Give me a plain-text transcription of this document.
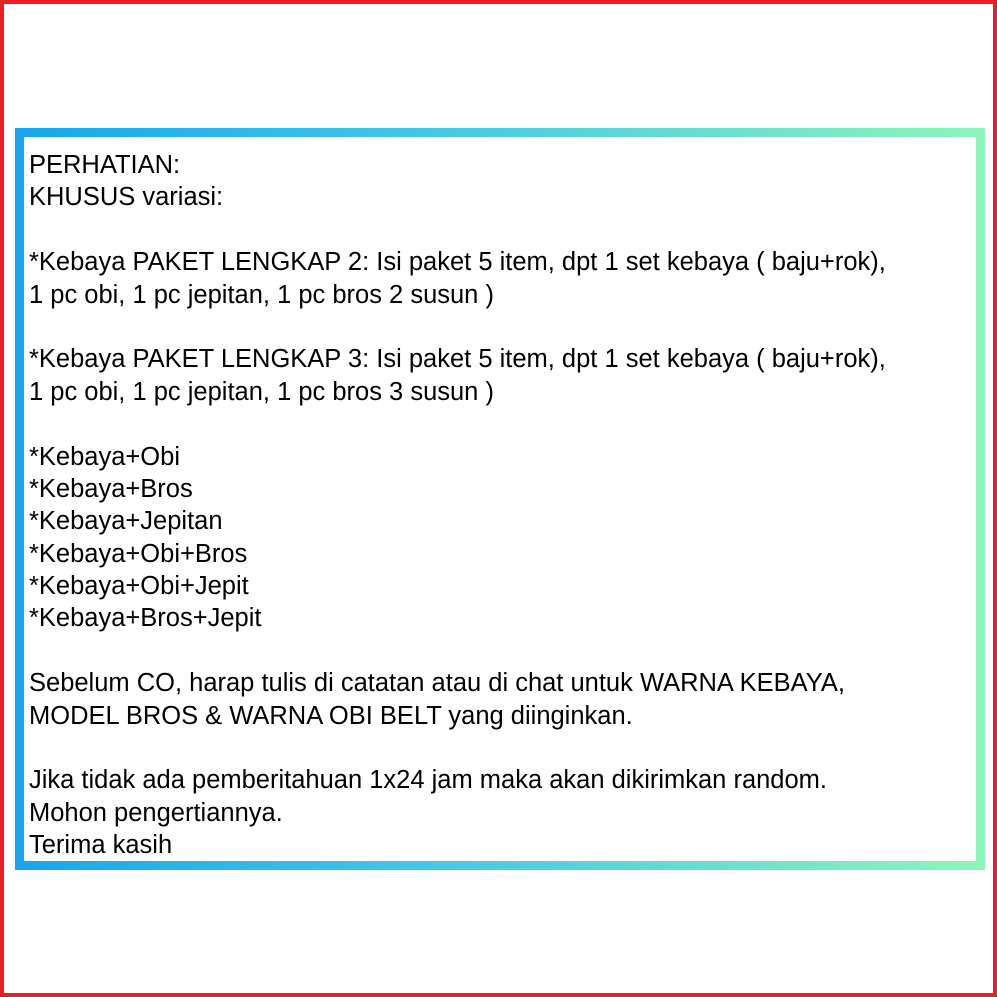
PERHATIAN:
KHUSUS variasi:
*Kebaya PAKET LENGKAP 2: Isi paket 5 item, dpt 1 set kebaya ( baju+rok),
1 pc obi, 1 pc jepitan, 1 pc bros 2 susun )
*Kebaya PAKET LENGKAP 3: Isi paket 5 item, dpt 1 set kebaya ( baju+rok),
1 pc obi, 1 pc jepitan, 1 pc bros 3 susun )
*Kebaya+Obi
*Kebaya+Bros
*Kebaya+Jepitan
*Kebaya+Obi+Bros
*Kebaya+Obi+Jepit
*Kebaya+Bros+Jepit
Sebelum CO, harap tulis di catatan atau di chat untuk WARNA KEBAYA,
MODEL BROS & WARNA OBI BELT yang diinginkan.
Jika tidak ada pemberitahuan 1x24 jam maka akan dikirimkan random.
Mohon pengertiannya.
Terima kasih
